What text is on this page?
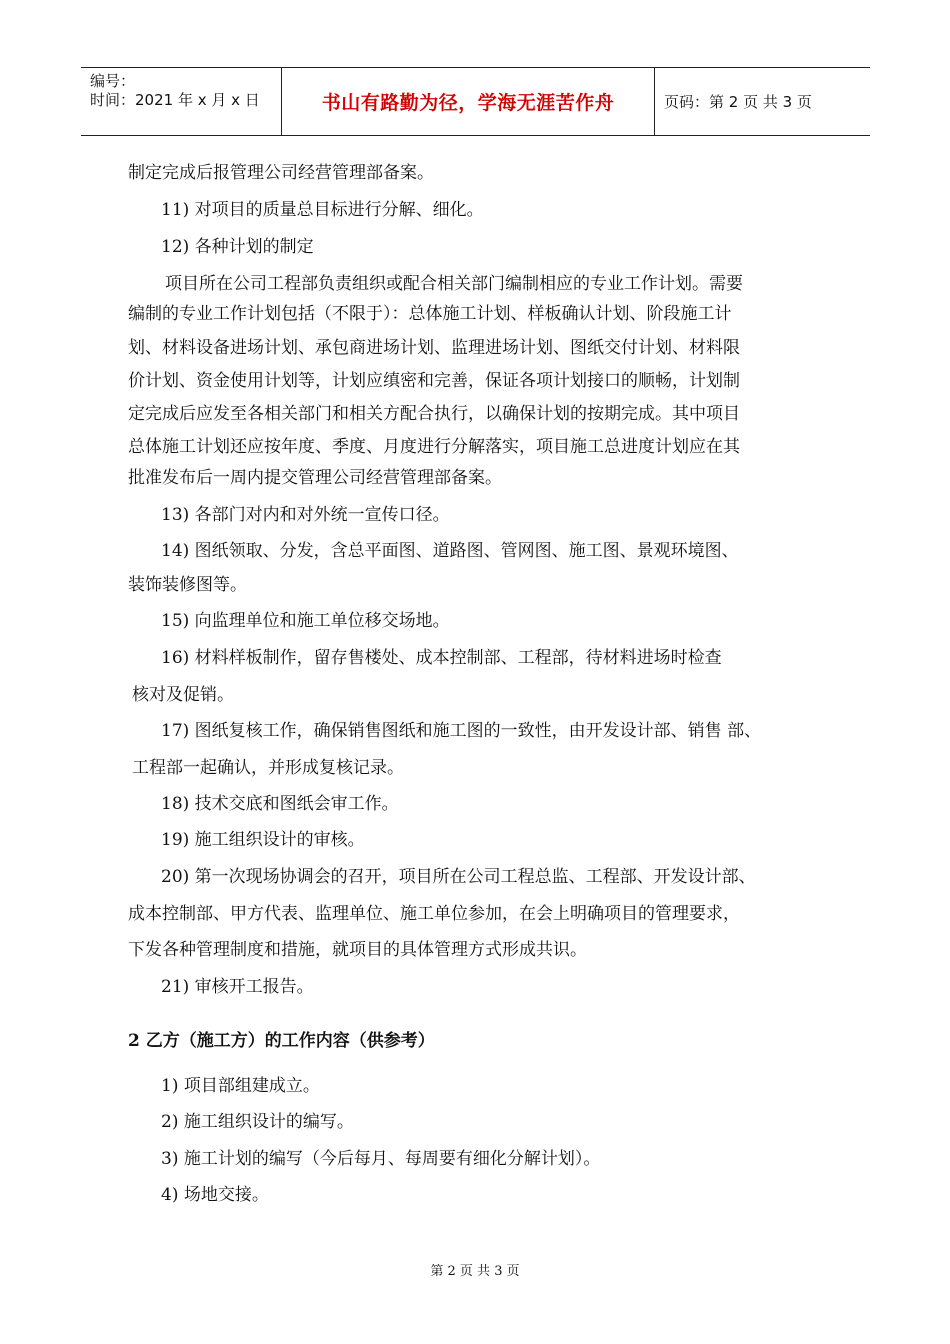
编号：
时间：2021 年 x 月 x 日	书山有路勤为径，学海无涯苦作舟	页码：第 2 页 共 3 页
制定完成后报管理公司经营管理部备案。
11) 对项目的质量总目标进行分解、细化。
12) 各种计划的制定
项目所在公司工程部负责组织或配合相关部门编制相应的专业工作计划。需要
编制的专业工作计划包括（不限于）：总体施工计划、样板确认计划、阶段施工计
划、材料设备进场计划、承包商进场计划、监理进场计划、图纸交付计划、材料限
价计划、资金使用计划等，计划应缜密和完善，保证各项计划接口的顺畅，计划制
定完成后应发至各相关部门和相关方配合执行，以确保计划的按期完成。其中项目
总体施工计划还应按年度、季度、月度进行分解落实，项目施工总进度计划应在其
批准发布后一周内提交管理公司经营管理部备案。
13) 各部门对内和对外统一宣传口径。
14) 图纸领取、分发，含总平面图、道路图、管网图、施工图、景观环境图、
装饰装修图等。
15) 向监理单位和施工单位移交场地。
16) 材料样板制作，留存售楼处、成本控制部、工程部，待材料进场时检查
核对及促销。
17) 图纸复核工作，确保销售图纸和施工图的一致性，由开发设计部、销售 部、
工程部一起确认，并形成复核记录。
18) 技术交底和图纸会审工作。
19) 施工组织设计的审核。
20) 第一次现场协调会的召开，项目所在公司工程总监、工程部、开发设计部、
成本控制部、甲方代表、监理单位、施工单位参加，在会上明确项目的管理要求，
下发各种管理制度和措施，就项目的具体管理方式形成共识。
21) 审核开工报告。
2 乙方（施工方）的工作内容（供参考）
1) 项目部组建成立。
2) 施工组织设计的编写。
3) 施工计划的编写（今后每月、每周要有细化分解计划）。
4) 场地交接。
第 2 页 共 3 页
